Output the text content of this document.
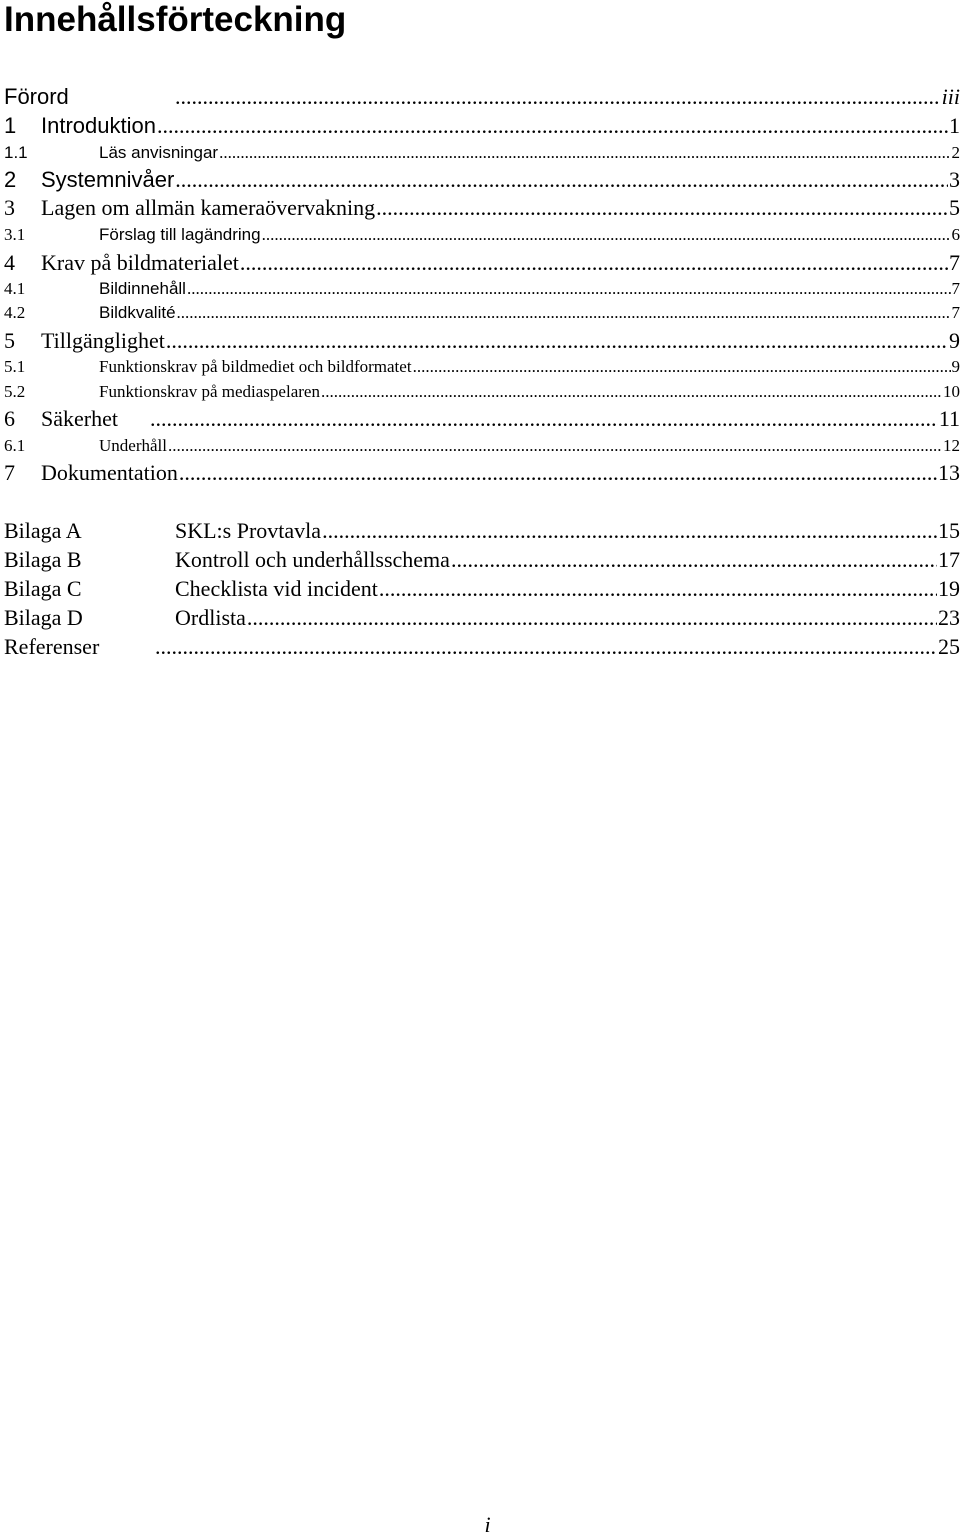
Innehållsförteckning
Förord .....	iii
1	Introduktion .....	1
1.1	Läs anvisningar .....	2
2	Systemnivåer .....	3
3	Lagen om allmän kameraövervakning .....	5
3.1	Förslag till lagändring .....	6
4	Krav på bildmaterialet .....	7
4.1	Bildinnehåll .....	7
4.2	Bildkvalité .....	7
5	Tillgänglighet .....	9
5.1	Funktionskrav på bildmediet och bildformatet .....	9
5.2	Funktionskrav på mediaspelaren .....	10
6	Säkerhet .....	11
6.1	Underhåll .....	12
7	Dokumentation .....	13
Bilaga A	SKL:s Provtavla .....	15
Bilaga B	Kontroll och underhållsschema .....	17
Bilaga C	Checklista vid incident .....	19
Bilaga D	Ordlista .....	23
Referenser .....	25
i
